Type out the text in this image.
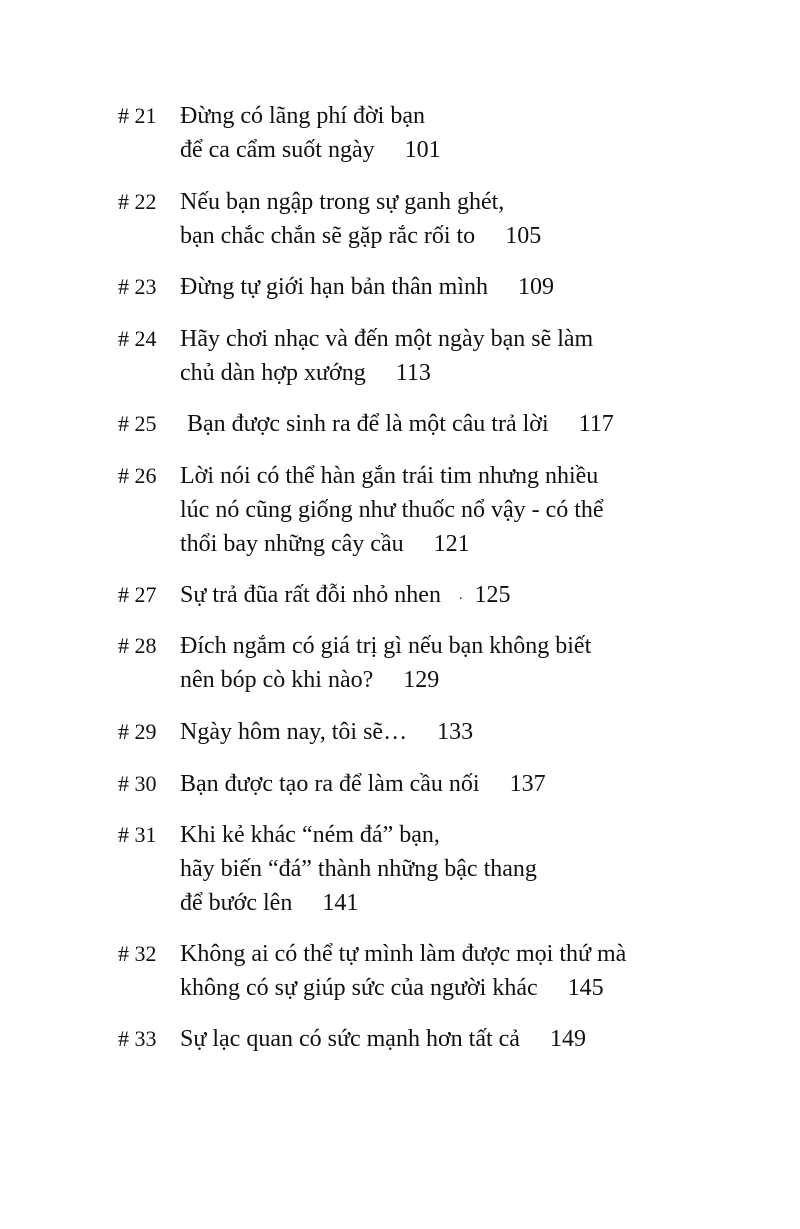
# 21 Đừng có lãng phí đời bạn
để ca cẩm suốt ngày 101
# 22 Nếu bạn ngập trong sự ganh ghét,
bạn chắc chắn sẽ gặp rắc rối to 105
# 23 Đừng tự giới hạn bản thân mình 109
# 24 Hãy chơi nhạc và đến một ngày bạn sẽ làm
chủ dàn hợp xướng 113
# 25 Bạn được sinh ra để là một câu trả lời 117
# 26 Lời nói có thể hàn gắn trái tim nhưng nhiều
lúc nó cũng giống như thuốc nổ vậy - có thể
thổi bay những cây cầu 121
# 27 Sự trả đũa rất đỗi nhỏ nhen . 125
# 28 Đích ngắm có giá trị gì nếu bạn không biết
nên bóp cò khi nào? 129
# 29 Ngày hôm nay, tôi sẽ… 133
# 30 Bạn được tạo ra để làm cầu nối 137
# 31 Khi kẻ khác “ném đá” bạn,
hãy biến “đá” thành những bậc thang
để bước lên 141
# 32 Không ai có thể tự mình làm được mọi thứ mà
không có sự giúp sức của người khác 145
# 33 Sự lạc quan có sức mạnh hơn tất cả 149
